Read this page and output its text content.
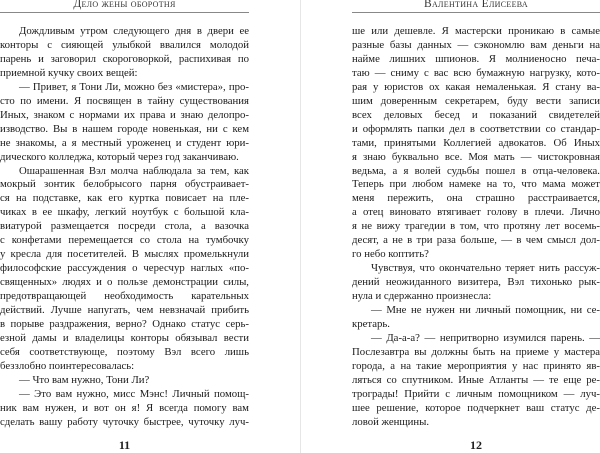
Дело жены оборотня
Дождливым утром следующего дня в двери ее
конторы с сияющей улыбкой ввалился молодой
парень и заговорил скороговоркой, распихивая по
приемной кучку своих вещей:
— Привет, я Тони Ли, можно без «мистера», про-
сто по имени. Я посвящен в тайну существования
Иных, знаком с нормами их права и знаю делопро-
изводство. Вы в нашем городе новенькая, ни с кем
не знакомы, а я местный уроженец и студент юри-
дического колледжа, который через год заканчиваю.
Ошарашенная Вэл молча наблюдала за тем, как
мокрый зонтик белобрысого парня обустраивает-
ся на подставке, как его куртка повисает на пле-
чиках в ее шкафу, легкий ноутбук с большой кла-
виатурой размещается посреди стола, а вазочка
с конфетами перемещается со стола на тумбочку
у кресла для посетителей. В мыслях промелькнули
философские рассуждения о чересчур наглых «по-
священных» людях и о пользе демонстрации силы,
предотвращающей необходимость карательных
действий. Лучше напугать, чем невзначай прибить
в порыве раздражения, верно? Однако статус серь-
езной дамы и владелицы конторы обязывал вести
себя соответствующе, поэтому Вэл всего лишь
беззлобно поинтересовалась:
— Что вам нужно, Тони Ли?
— Это вам нужно, мисс Мэнс! Личный помощ-
ник вам нужен, и вот он я! Я всегда помогу вам
сделать вашу работу чуточку быстрее, чуточку луч-
11
Валентина Елисеева
ше или дешевле. Я мастерски проникаю в самые
разные базы данных — сэкономлю вам деньги на
найме лишних шпионов. Я молниеносно печа-
таю — сниму с вас всю бумажную нагрузку, кото-
рая у юристов ох какая немаленькая. Я стану ва-
шим доверенным секретарем, буду вести записи
всех деловых бесед и показаний свидетелей
и оформлять папки дел в соответствии со стандар-
тами, принятыми Коллегией адвокатов. Об Иных
я знаю буквально все. Моя мать — чистокровная
ведьма, а я волей судьбы пошел в отца-человека.
Теперь при любом намеке на то, что мама может
меня пережить, она страшно расстраивается,
а отец виновато втягивает голову в плечи. Лично
я не вижу трагедии в том, что протяну лет восемь-
десят, а не в три раза больше, — в чем смысл дол-
го небо коптить?
Чувствуя, что окончательно теряет нить рассуж-
дений неожиданного визитера, Вэл тихонько рык-
нула и сдержанно произнесла:
— Мне не нужен ни личный помощник, ни се-
кретарь.
— Да-а-а? — непритворно изумился парень. —
Послезавтра вы должны быть на приеме у мастера
города, а на такие мероприятия у нас принято яв-
ляться со спутником. Иные Атланты — те еще ре-
трограды! Прийти с личным помощником — луч-
шее решение, которое подчеркнет ваш статус де-
ловой женщины.
12
